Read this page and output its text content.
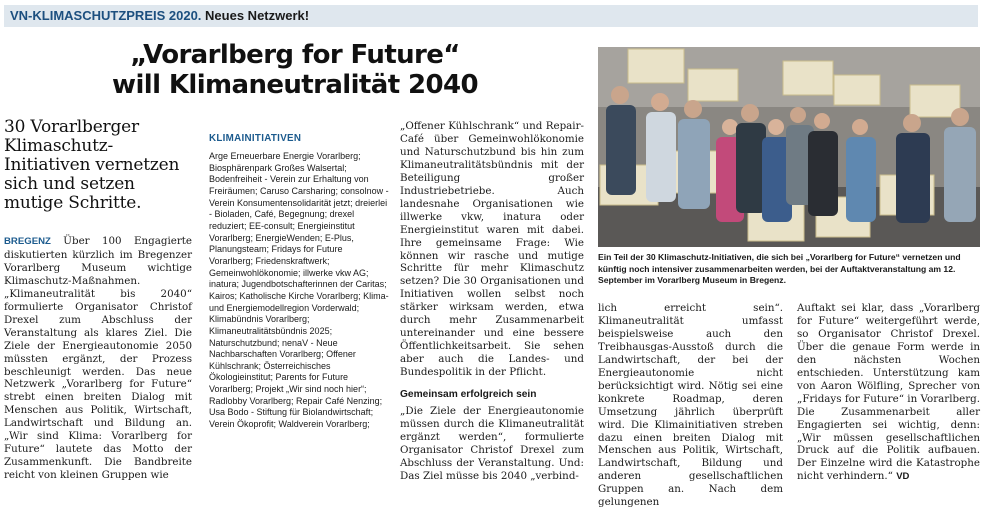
VN-KLIMASCHUTZPREIS 2020. Neues Netzwerk!
„Vorarlberg for Future“
will Klimaneutralität 2040
30 Vorarlberger Klimaschutz-Initiativen vernetzen sich und setzen mutige Schritte.

BREGENZ Über 100 Engagierte diskutierten kürzlich im Bregenzer Vorarlberg Museum wichtige Klimaschutz-Maßnahmen. „Klimaneutralität bis 2040“ formulierte Organisator Christof Drexel zum Abschluss der Veranstaltung als klares Ziel. Die Ziele der Energieautonomie 2050 müssten ergänzt, der Prozess beschleunigt werden. Das neue Netzwerk „Vorarlberg for Future“ strebt einen breiten Dialog mit Menschen aus Politik, Wirtschaft, Landwirtschaft und Bildung an. „Wir sind Klima: Vorarlberg for Future“ lautete das Motto der Zusammenkunft. Die Bandbreite reicht von kleinen Gruppen wie

KLIMAINITIATIVEN
Arge Erneuerbare Energie Vorarlberg; Biosphärenpark Großes Walsertal; Bodenfreiheit - Verein zur Erhaltung von Freiräumen; Caruso Carsharing; consolnow - Verein Konsumentensolidarität jetzt; dreierlei - Bioladen, Café, Begegnung; drexel reduziert; EE-consult; Energieinstitut Vorarlberg; EnergieWenden; E-Plus, Planungsteam; Fridays for Future Vorarlberg; Friedenskraftwerk; Gemeinwohlökonomie; illwerke vkw AG; inatura; Jugendbotschafterinnen der Caritas; Kairos; Katholische Kirche Vorarlberg; Klima- und Energiemodellregion Vorderwald; Klimabündnis Vorarlberg; Klimaneutralitätsbündnis 2025; Naturschutzbund; nenaV - Neue Nachbarschaften Vorarlberg; Offener Kühlschrank; Österreichisches Ökologieinstitut; Parents for Future Vorarlberg; Projekt „Wir sind noch hier“; Radlobby Vorarlberg; Repair Café Nenzing; Usa Bodo - Stiftung für Biolandwirtschaft; Verein Ökoprofit; Waldverein Vorarlberg;
„Offener Kühlschrank“ und Repair-Café über Gemeinwohlökonomie und Naturschutzbund bis hin zum Klimaneutralitätsbündnis mit der Beteiligung großer Industriebetriebe. Auch landesnahe Organisationen wie illwerke vkw, inatura oder Energieinstitut waren mit dabei. Ihre gemeinsame Frage: Wie können wir rasche und mutige Schritte für mehr Klimaschutz setzen? Die 30 Organisationen und Initiativen wollen selbst noch stärker wirksam werden, etwa durch mehr Zusammenarbeit untereinander und eine bessere Öffentlichkeitsarbeit. Sie sehen aber auch die Landes- und Bundespolitik in der Pflicht.
Gemeinsam erfolgreich sein
„Die Ziele der Energieautonomie müssen durch die Klimaneutralität ergänzt werden“, formulierte Organisator Christof Drexel zum Abschluss der Veranstaltung. Und: Das Ziel müsse bis 2040 „verbind-
Ein Teil der 30 Klimaschutz-Initiativen, die sich bei „Vorarlberg for Future“ vernetzen und künftig noch intensiver zusammenarbeiten werden, bei der Auftaktveranstaltung am 12. September im Vorarlberg Museum in Bregenz.
lich erreicht sein“. Klimaneutralität umfasst beispielsweise auch den Treibhausgas-Ausstoß durch die Landwirtschaft, der bei der Energieautonomie nicht berücksichtigt wird. Nötig sei eine konkrete Roadmap, deren Umsetzung jährlich überprüft wird. Die Klimainitiativen streben dazu einen breiten Dialog mit Menschen aus Politik, Wirtschaft, Landwirtschaft, Bildung und anderen gesellschaftlichen Gruppen an. Nach dem gelungenen

Auftakt sei klar, dass „Vorarlberg for Future“ weitergeführt werde, so Organisator Christof Drexel. Über die genaue Form werde in den nächsten Wochen entschieden. Unterstützung kam von Aaron Wölfling, Sprecher von „Fridays for Future“ in Vorarlberg. Die Zusammenarbeit aller Engagierten sei wichtig, denn: „Wir müssen gesellschaftlichen Druck auf die Politik aufbauen. Der Einzelne wird die Katastrophe nicht verhindern.“ VD
